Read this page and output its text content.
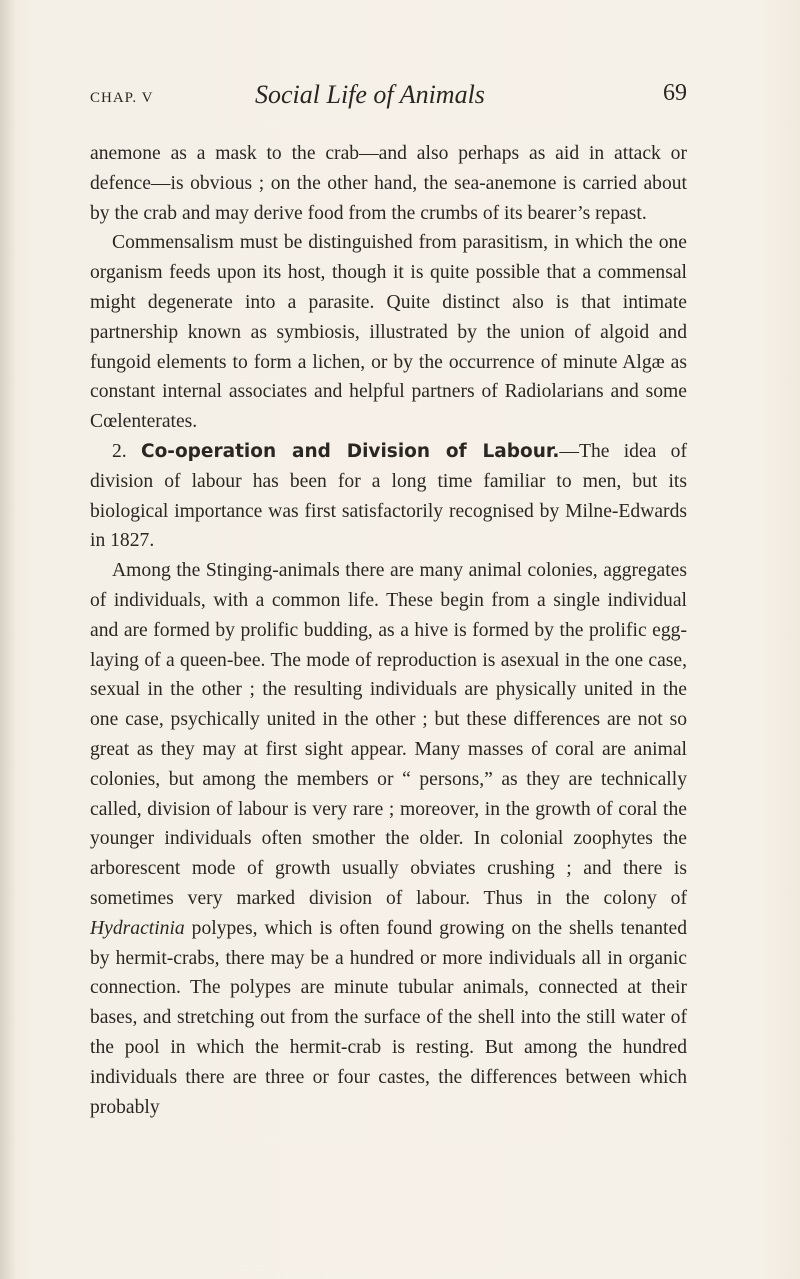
CHAP. V	Social Life of Animals	69

anemone as a mask to the crab—and also perhaps as aid in attack or defence—is obvious ; on the other hand, the sea-anemone is carried about by the crab and may derive food from the crumbs of its bearer’s repast.

Commensalism must be distinguished from parasitism, in which the one organism feeds upon its host, though it is quite possible that a commensal might degenerate into a parasite. Quite distinct also is that intimate partnership known as symbiosis, illustrated by the union of algoid and fungoid elements to form a lichen, or by the occurrence of minute Algæ as constant internal associates and helpful partners of Radiolarians and some Cœlenterates.

2. Co-operation and Division of Labour.—The idea of division of labour has been for a long time familiar to men, but its biological importance was first satisfactorily recognised by Milne-Edwards in 1827.

Among the Stinging-animals there are many animal colonies, aggregates of individuals, with a common life. These begin from a single individual and are formed by prolific budding, as a hive is formed by the prolific egg-laying of a queen-bee. The mode of reproduction is asexual in the one case, sexual in the other ; the resulting individuals are physically united in the one case, psychically united in the other ; but these differences are not so great as they may at first sight appear. Many masses of coral are animal colonies, but among the members or “ persons,” as they are technically called, division of labour is very rare ; moreover, in the growth of coral the younger individuals often smother the older. In colonial zoophytes the arborescent mode of growth usually obviates crushing ; and there is sometimes very marked division of labour. Thus in the colony of Hydractinia polypes, which is often found growing on the shells tenanted by hermit-crabs, there may be a hundred or more individuals all in organic connection. The polypes are minute tubular animals, connected at their bases, and stretching out from the surface of the shell into the still water of the pool in which the hermit-crab is resting. But among the hundred individuals there are three or four castes, the differences between which probably
